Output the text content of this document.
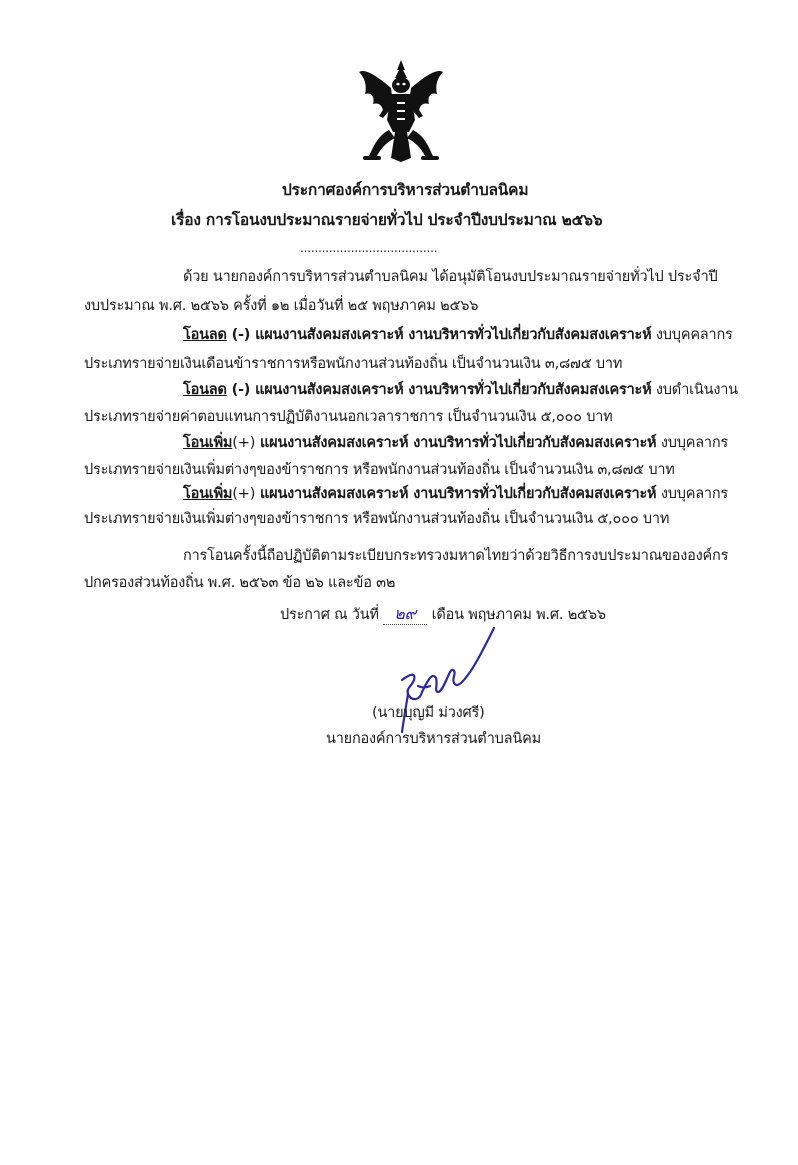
ประกาศองค์การบริหารส่วนตำบลนิคม
เรื่อง การโอนงบประมาณรายจ่ายทั่วไป ประจำปีงบประมาณ ๒๕๖๖
......................................
ด้วย นายกองค์การบริหารส่วนตำบลนิคม ได้อนุมัติโอนงบประมาณรายจ่ายทั่วไป ประจำปี
งบประมาณ พ.ศ. ๒๕๖๖ ครั้งที่ ๑๒ เมื่อวันที่ ๒๕ พฤษภาคม ๒๕๖๖
โอนลด (-) แผนงานสังคมสงเคราะห์ งานบริหารทั่วไปเกี่ยวกับสังคมสงเคราะห์ งบบุคคลากร
ประเภทรายจ่ายเงินเดือนข้าราชการหรือพนักงานส่วนท้องถิ่น เป็นจำนวนเงิน ๓,๘๗๕ บาท
โอนลด (-) แผนงานสังคมสงเคราะห์ งานบริหารทั่วไปเกี่ยวกับสังคมสงเคราะห์ งบดำเนินงาน
ประเภทรายจ่ายค่าตอบแทนการปฏิบัติงานนอกเวลาราชการ เป็นจำนวนเงิน ๕,๐๐๐ บาท
โอนเพิ่ม(+) แผนงานสังคมสงเคราะห์ งานบริหารทั่วไปเกี่ยวกับสังคมสงเคราะห์ งบบุคลากร
ประเภทรายจ่ายเงินเพิ่มต่างๆของข้าราชการ หรือพนักงานส่วนท้องถิ่น เป็นจำนวนเงิน ๓,๘๗๕ บาท
โอนเพิ่ม(+) แผนงานสังคมสงเคราะห์ งานบริหารทั่วไปเกี่ยวกับสังคมสงเคราะห์ งบบุคลากร
ประเภทรายจ่ายเงินเพิ่มต่างๆของข้าราชการ หรือพนักงานส่วนท้องถิ่น เป็นจำนวนเงิน ๕,๐๐๐ บาท
การโอนครั้งนี้ถือปฏิบัติตามระเบียบกระทรวงมหาดไทยว่าด้วยวิธีการงบประมาณขององค์กร
ปกครองส่วนท้องถิ่น พ.ศ. ๒๕๖๓ ข้อ ๒๖ และข้อ ๓๒
ประกาศ ณ วันที่ ๒๙ เดือน พฤษภาคม พ.ศ. ๒๕๖๖
(นายบุญมี ม่วงศรี)
นายกองค์การบริหารส่วนตำบลนิคม
